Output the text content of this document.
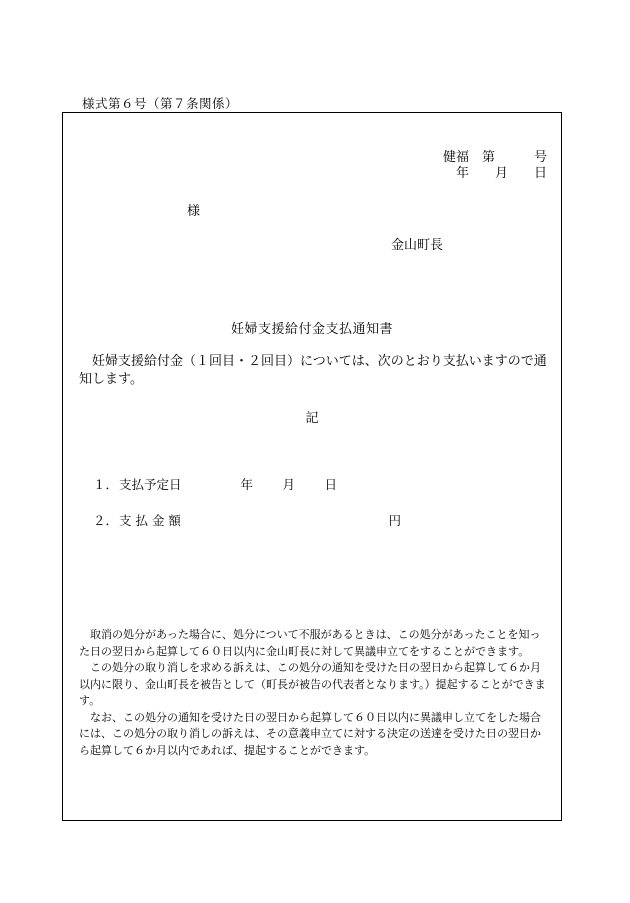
様式第６号（第７条関係）
健福　第　　　号
年　　月　　日
様
金山町長
妊婦支援給付金支払通知書
妊婦支援給付金（１回目・２回目）については、次のとおり支払いますので通知します。
記
１．支払予定日	年 月 日
２．支 払 金 額	円

取消の処分があった場合に、処分について不服があるときは、この処分があったことを知った日の翌日から起算して６０日以内に金山町長に対して異議申立てをすることができます。

この処分の取り消しを求める訴えは、この処分の通知を受けた日の翌日から起算して６か月以内に限り、金山町長を被告として（町長が被告の代表者となります。）提起することができます。

なお、この処分の通知を受けた日の翌日から起算して６０日以内に異議申し立てをした場合には、この処分の取り消しの訴えは、その意義申立てに対する決定の送達を受けた日の翌日から起算して６か月以内であれば、提起することができます。
